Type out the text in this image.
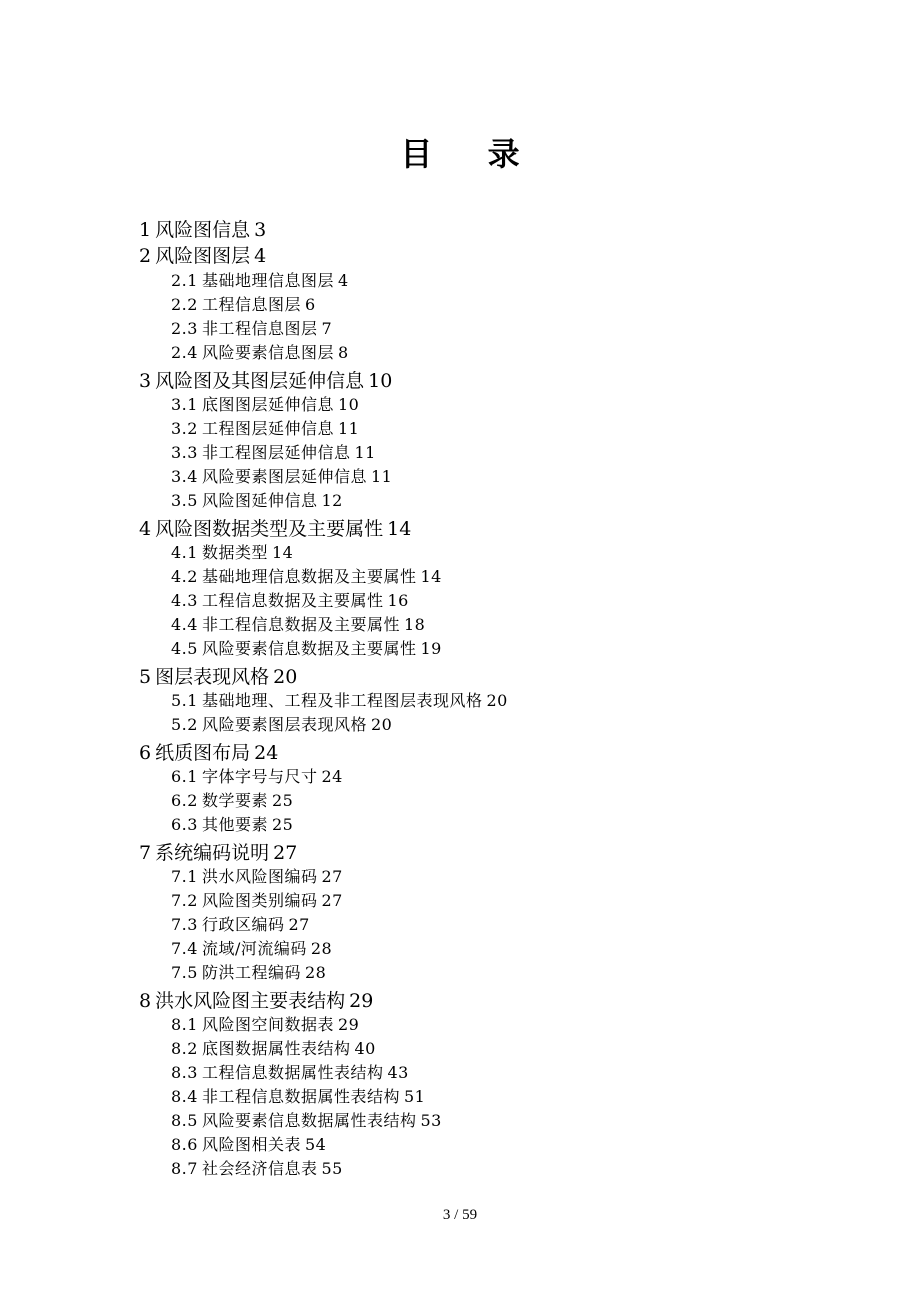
目 录
1 风险图信息 3
2 风险图图层 4
2.1 基础地理信息图层 4
2.2 工程信息图层 6
2.3 非工程信息图层 7
2.4 风险要素信息图层 8
3 风险图及其图层延伸信息 10
3.1 底图图层延伸信息 10
3.2 工程图层延伸信息 11
3.3 非工程图层延伸信息 11
3.4 风险要素图层延伸信息 11
3.5 风险图延伸信息 12
4 风险图数据类型及主要属性 14
4.1 数据类型 14
4.2 基础地理信息数据及主要属性 14
4.3 工程信息数据及主要属性 16
4.4 非工程信息数据及主要属性 18
4.5 风险要素信息数据及主要属性 19
5 图层表现风格 20
5.1 基础地理、工程及非工程图层表现风格 20
5.2 风险要素图层表现风格 20
6 纸质图布局 24
6.1 字体字号与尺寸 24
6.2 数学要素 25
6.3 其他要素 25
7 系统编码说明 27
7.1 洪水风险图编码 27
7.2 风险图类别编码 27
7.3 行政区编码 27
7.4 流域/河流编码 28
7.5 防洪工程编码 28
8 洪水风险图主要表结构 29
8.1 风险图空间数据表 29
8.2 底图数据属性表结构 40
8.3 工程信息数据属性表结构 43
8.4 非工程信息数据属性表结构 51
8.5 风险要素信息数据属性表结构 53
8.6 风险图相关表 54
8.7 社会经济信息表 55
3 / 59
